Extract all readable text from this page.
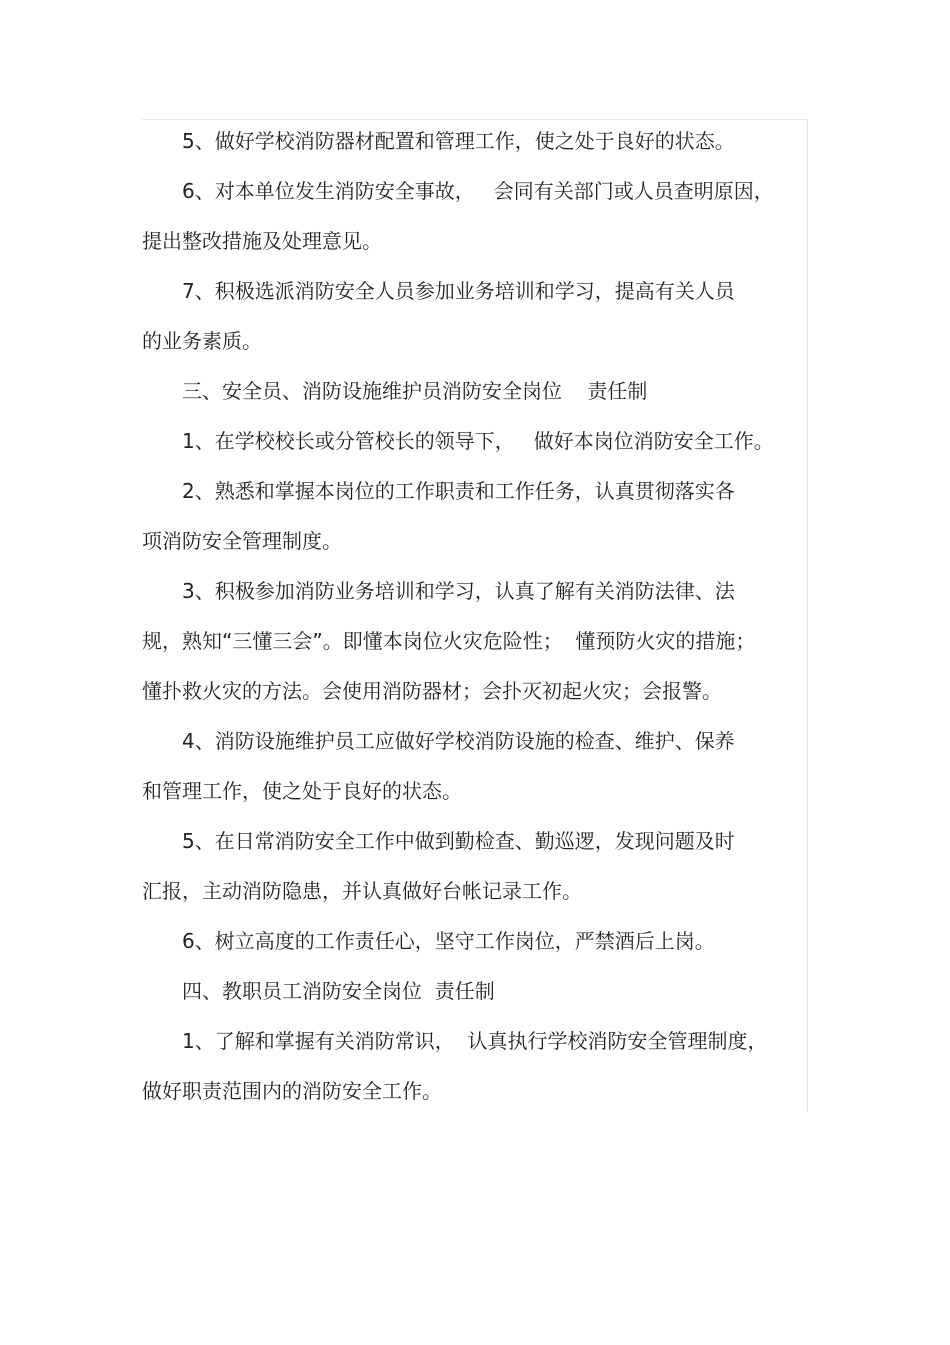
5、做好学校消防器材配置和管理工作，使之处于良好的状态。
6、对本单位发生消防安全事故，   会同有关部门或人员查明原因，
提出整改措施及处理意见。
7、积极选派消防安全人员参加业务培训和学习，提高有关人员
的业务素质。
三、安全员、消防设施维护员消防安全岗位    责任制
1、在学校校长或分管校长的领导下，   做好本岗位消防安全工作。
2、熟悉和掌握本岗位的工作职责和工作任务，认真贯彻落实各
项消防安全管理制度。
3、积极参加消防业务培训和学习，认真了解有关消防法律、法
规，熟知“三懂三会”。即懂本岗位火灾危险性；  懂预防火灾的措施；
懂扑救火灾的方法。会使用消防器材；会扑灭初起火灾；会报警。
4、消防设施维护员工应做好学校消防设施的检查、维护、保养
和管理工作，使之处于良好的状态。
5、在日常消防安全工作中做到勤检查、勤巡逻，发现问题及时
汇报，主动消防隐患，并认真做好台帐记录工作。
6、树立高度的工作责任心，坚守工作岗位，严禁酒后上岗。
四、教职员工消防安全岗位  责任制
1、了解和掌握有关消防常识，  认真执行学校消防安全管理制度，
做好职责范围内的消防安全工作。
